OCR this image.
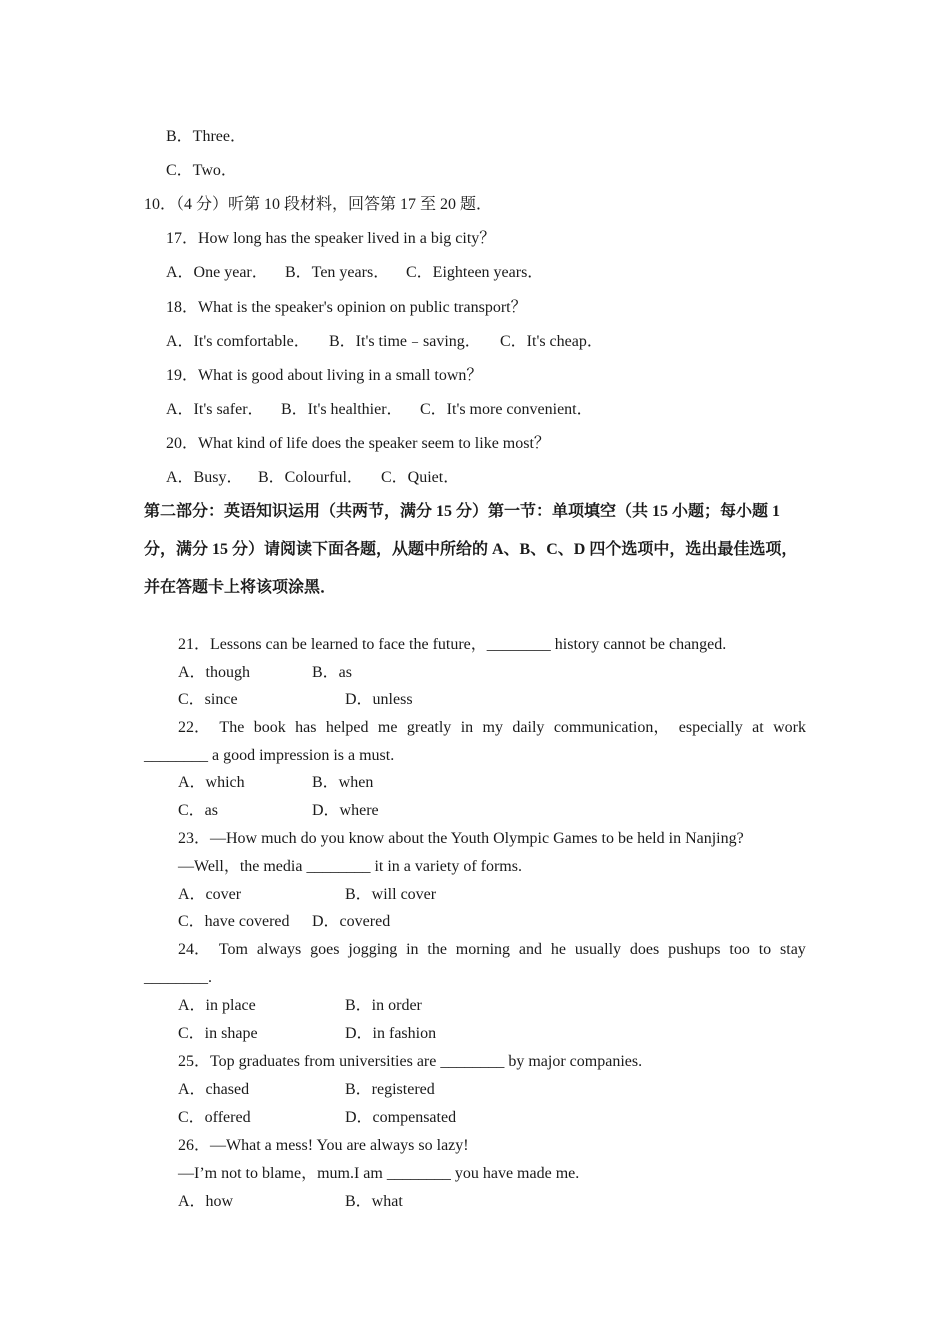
B．Three．
C．Two．
10．（4 分）听第 10 段材料，回答第 17 至 20 题．
17．How long has the speaker lived in a big city？
A．One year． B．Ten years． C．Eighteen years．
18．What is the speaker's opinion on public transport？
A．It's comfortable． B．It's time﹣saving． C．It's cheap．
19．What is good about living in a small town？
A．It's safer． B．It's healthier． C．It's more convenient．
20．What kind of life does the speaker seem to like most？
A．Busy． B．Colourful． C．Quiet．
第二部分：英语知识运用（共两节，满分 15 分）第一节：单项填空（共 15 小题；每小题 1
分，满分 15 分）请阅读下面各题，从题中所给的 A、B、C、D 四个选项中，选出最佳选项，
并在答题卡上将该项涂黑．
21．Lessons can be learned to face the future，________ history cannot be changed.
A．though	B．as
C．since	D．unless
22． The book has helped me greatly in my daily communication， especially at work
________ a good impression is a must.
A．which	B．when
C．as	D．where
23．—How much do you know about the Youth Olympic Games to be held in Nanjing?
—Well，the media ________ it in a variety of forms.
A．cover	B．will cover
C．have covered D．covered
24． Tom always goes jogging in the morning and he usually does pushups too to stay
________.
A．in place	B．in order
C．in shape	D．in fashion
25．Top graduates from universities are ________ by major companies.
A．chased	B．registered
C．offered	D．compensated
26．—What a mess! You are always so lazy!
—I’m not to blame，mum.I am ________ you have made me.
A．how	B．what
